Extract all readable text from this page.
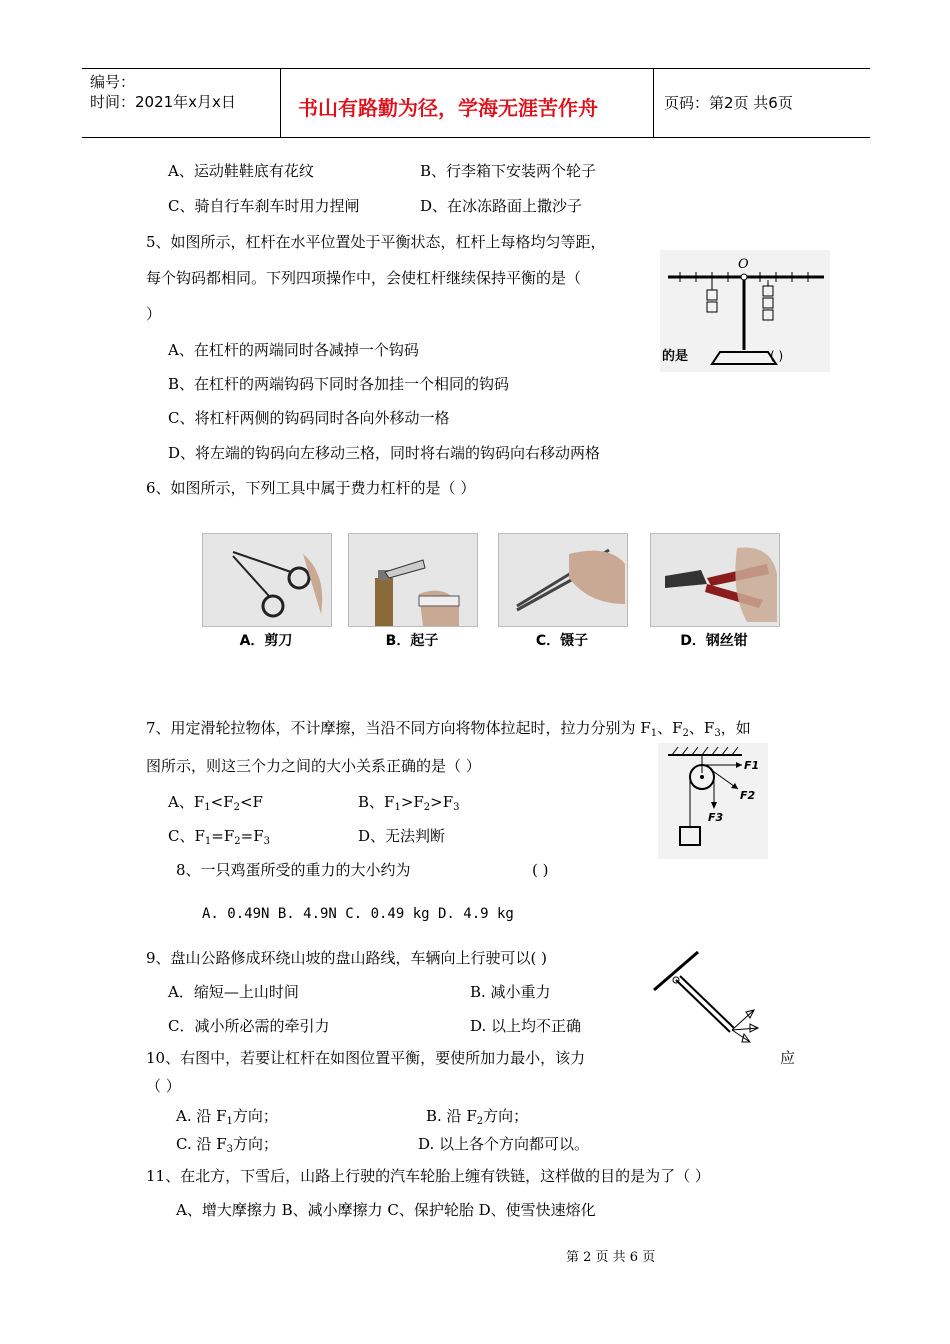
编号：
时间：2021年x月x日	书山有路勤为径，学海无涯苦作舟	页码：第2页 共6页
A、运动鞋鞋底有花纹	B、行李箱下安装两个轮子
C、骑自行车刹车时用力捏闸	D、在冰冻路面上撒沙子
5、如图所示，杠杆在水平位置处于平衡状态，杠杆上每格均匀等距，
每个钩码都相同。下列四项操作中，会使杠杆继续保持平衡的是（
）
A、在杠杆的两端同时各减掉一个钩码
B、在杠杆的两端钩码下同时各加挂一个相同的钩码
C、将杠杆两侧的钩码同时各向外移动一格
D、将左端的钩码向左移动三格，同时将右端的钩码向右移动两格
O
的是	( )
6、如图所示，下列工具中属于费力杠杆的是（ ）
A．剪刀	B．起子	C．镊子	D．钢丝钳
7、用定滑轮拉物体，不计摩擦，当沿不同方向将物体拉起时，拉力分别为 $F_1$、$F_2$、$F_3$，如
图所示，则这三个力之间的大小关系正确的是（ ）
A、$F_1<F_2<F$	B、$F_1>F_2>F_3$
C、$F_1=F_2=F_3$	D、无法判断
F1
F2
F3
8、一只鸡蛋所受的重力的大小约为	( )
A. 0.49N B. 4.9N C. 0.49 kg D. 4.9 kg
9、盘山公路修成环绕山坡的盘山路线，车辆向上行驶可以( )
A．缩短—上山时间	B. 减小重力
C．减小所必需的牵引力	D. 以上均不正确
10、右图中，若要让杠杆在如图位置平衡，要使所加力最小，该力	应
（ ）
A. 沿 $F_1$方向；	B. 沿 $F_2$方向；
C. 沿 $F_3$方向；	D. 以上各个方向都可以。
11、在北方，下雪后，山路上行驶的汽车轮胎上缠有铁链，这样做的目的是为了（ ）
A、增大摩擦力 B、减小摩擦力 C、保护轮胎 D、使雪快速熔化
第 2 页 共 6 页
